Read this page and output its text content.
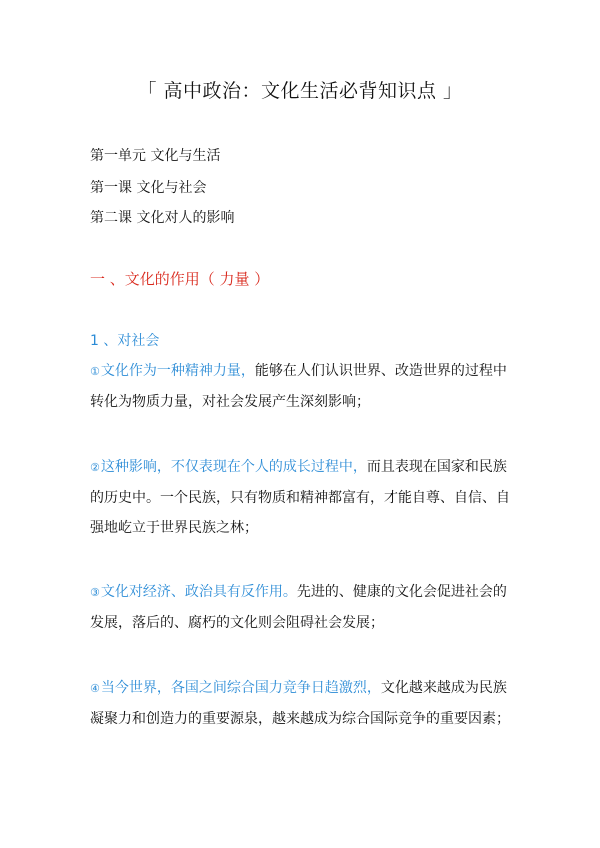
「 高中政治：文化生活必背知识点 」
第一单元 文化与生活
第一课 文化与社会
第二课 文化对人的影响
一 、文化的作用（ 力量 ）
1 、对社会
①文化作为一种精神力量，能够在人们认识世界、改造世界的过程中转化为物质力量，对社会发展产生深刻影响；
②这种影响，不仅表现在个人的成长过程中，而且表现在国家和民族的历史中。一个民族，只有物质和精神都富有，才能自尊、自信、自强地屹立于世界民族之林；
③文化对经济、政治具有反作用。先进的、健康的文化会促进社会的发展，落后的、腐朽的文化则会阻碍社会发展；
④当今世界，各国之间综合国力竞争日趋激烈，文化越来越成为民族凝聚力和创造力的重要源泉，越来越成为综合国际竞争的重要因素；
